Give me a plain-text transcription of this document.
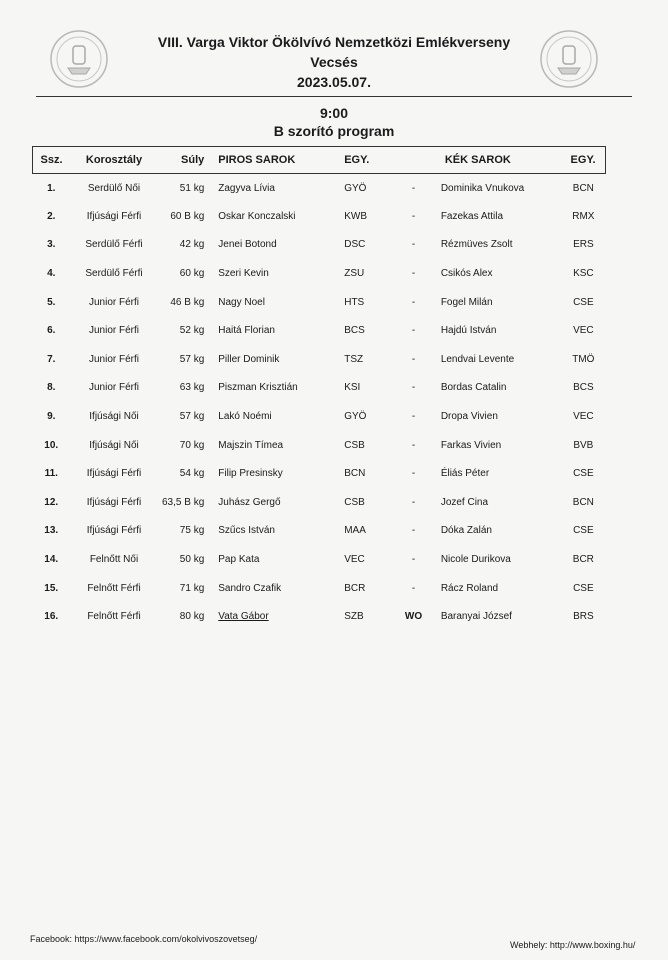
VIII. Varga Viktor Ökölvívó Nemzetközi Emlékverseny
Vecsés
2023.05.07.
9:00
B szorító program
Ssz.	Korosztály	Súly	PIROS SAROK	EGY.		KÉK SAROK	EGY.
1.	Serdülő Női	51 kg	Zagyva Lívia	GYÖ	-	Dominika Vnukova	BCN
2.	Ifjúsági Férfi	60 B kg	Oskar Konczalski	KWB	-	Fazekas Attila	RMX
3.	Serdülő Férfi	42 kg	Jenei Botond	DSC	-	Rézmüves Zsolt	ERS
4.	Serdülő Férfi	60 kg	Szeri Kevin	ZSU	-	Csikós Alex	KSC
5.	Junior Férfi	46 B kg	Nagy Noel	HTS	-	Fogel Milán	CSE
6.	Junior Férfi	52 kg	Haitá Florian	BCS	-	Hajdú István	VEC
7.	Junior Férfi	57 kg	Piller Dominik	TSZ	-	Lendvai Levente	TMÖ
8.	Junior Férfi	63 kg	Piszman Krisztián	KSI	-	Bordas Catalin	BCS
9.	Ifjúsági Női	57 kg	Lakó Noémi	GYÖ	-	Dropa Vivien	VEC
10.	Ifjúsági Női	70 kg	Majszin Tímea	CSB	-	Farkas Vivien	BVB
11.	Ifjúsági Férfi	54 kg	Filip Presinsky	BCN	-	Éliás Péter	CSE
12.	Ifjúsági Férfi	63,5 B kg	Juhász Gergő	CSB	-	Jozef Cina	BCN
13.	Ifjúsági Férfi	75 kg	Szűcs István	MAA	-	Dóka Zalán	CSE
14.	Felnőtt Női	50 kg	Pap Kata	VEC	-	Nicole Durikova	BCR
15.	Felnőtt Férfi	71 kg	Sandro Czafik	BCR	-	Rácz Roland	CSE
16.	Felnőtt Férfi	80 kg	Vata Gábor	SZB	WO	Baranyai József	BRS
Facebook: https://www.facebook.com/okolvivoszovetseg/
Webhely: http://www.boxing.hu/
